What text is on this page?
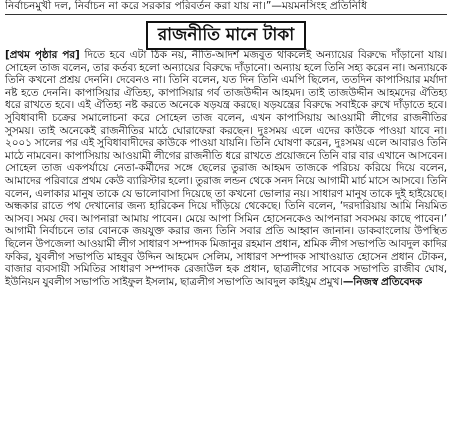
নির্বাচনমুখী দল, নির্বাচন না করে সরকার পরিবর্তন করা যায় না।”—ময়মনসিংহ প্রতিনিধি
রাজনীতি মানে টাকা
[প্রথম পৃষ্ঠার পর] দিতে হবে এটা ঠিক নয়, নীতি-আদর্শ মজবুত থাকলেই অন্যায়ের বিরুদ্ধে দাঁড়ানো যায়। সোহেল তাজ বলেন, তার কর্তব্য হলো অন্যায়ের বিরুদ্ধে দাঁড়ানো। অন্যায় হলে তিনি সহ্য করেন না। অন্যায়কে তিনি কখনো প্রশ্রয় দেননি। দেবেনও না। তিনি বলেন, যত দিন তিনি এমপি ছিলেন, ততদিন কাপাসিয়ার মর্যাদা নষ্ট হতে দেননি। কাপাসিয়ার ঐতিহ্য, কাপাসিয়ার গর্ব তাজউদ্দীন আহমদ। তাই তাজউদ্দীন আহমদের ঐতিহ্য ধরে রাখতে হবে। এই ঐতিহ্য নষ্ট করতে অনেকে ষড়যন্ত্র করছে। ষড়যন্ত্রের বিরুদ্ধে সবাইকে রুখে দাঁড়াতে হবে। সুবিধাবাদী চক্রের সমালোচনা করে সোহেল তাজ বলেন, এখন কাপাসিয়ায় আওয়ামী লীগের রাজনীতির সুসময়। তাই অনেকেই রাজনীতির মাঠে ঘোরাফেরা করছেন। দুঃসময় এলে এদের কাউকে পাওয়া যাবে না। ২০০১ সালের পর এই সুবিধাবাদীদের কাউকে পাওয়া যায়নি। তিনি ঘোষণা করেন, দুঃসময় এলে আবারও তিনি মাঠে নামবেন। কাপাসিয়ায় আওয়ামী লীগের রাজনীতি ধরে রাখতে প্রয়োজনে তিনি বার বার এখানে আসবেন। সোহেল তাজ একপর্যায়ে নেতা-কর্মীদের সঙ্গে ছেলের তুরাজ আহমদ তাজকে পরিচয় করিয়ে দিয়ে বলেন, আমাদের পরিবারে প্রথম কেউ ব্যারিস্টার হলো। তুরাজ লন্ডন থেকে সনদ নিয়ে আগামী মার্চ মাসে আসবে। তিনি বলেন, এলাকার মানুষ তাকে যে ভালোবাসা দিয়েছে তা কখনো ভোলার নয়। সাধারণ মানুষ তাকে দুই হাইয়েছে। অন্ধকার রাতে পথ দেখানোর জন্য হারিকেন দিয়ে দাঁড়িয়ে থেকেছে। তিনি বলেন, ‘দরদারিয়ায় আমি নিয়মিত আসব। সময় দেব। আপনারা আমায় পাবেন। মেয়ে আপা সিমিন হোসেনকেও আপনারা সবসময় কাছে পাবেন।’ আগামী নির্বাচনে তার বোনকে জয়যুক্ত করার জন্য তিনি সবার প্রতি আহ্বান জানান। ডাকবাংলোয় উপস্থিত ছিলেন উপজেলা আওয়ামী লীগ সাধারণ সম্পাদক মিজানুর রহমান প্রধান, শ্রমিক লীগ সভাপতি আবদুল কাদির ফকির, যুবলীগ সভাপতি মাহবুব উদ্দিন আহমেদ সেলিম, সাধারণ সম্পাদক সাখাওয়াত হোসেন প্রধান টোকন, বাজার ব্যবসায়ী সমিতির সাধারণ সম্পাদক রেজাউল হক প্রধান, ছাত্রলীগের সাবেক সভাপতি রাজীব ঘোষ, ইউনিয়ন যুবলীগ সভাপতি সাইফুল ইসলাম, ছাত্রলীগ সভাপতি আবদুল কাইয়ুম প্রমুখ।—নিজস্ব প্রতিবেদক
